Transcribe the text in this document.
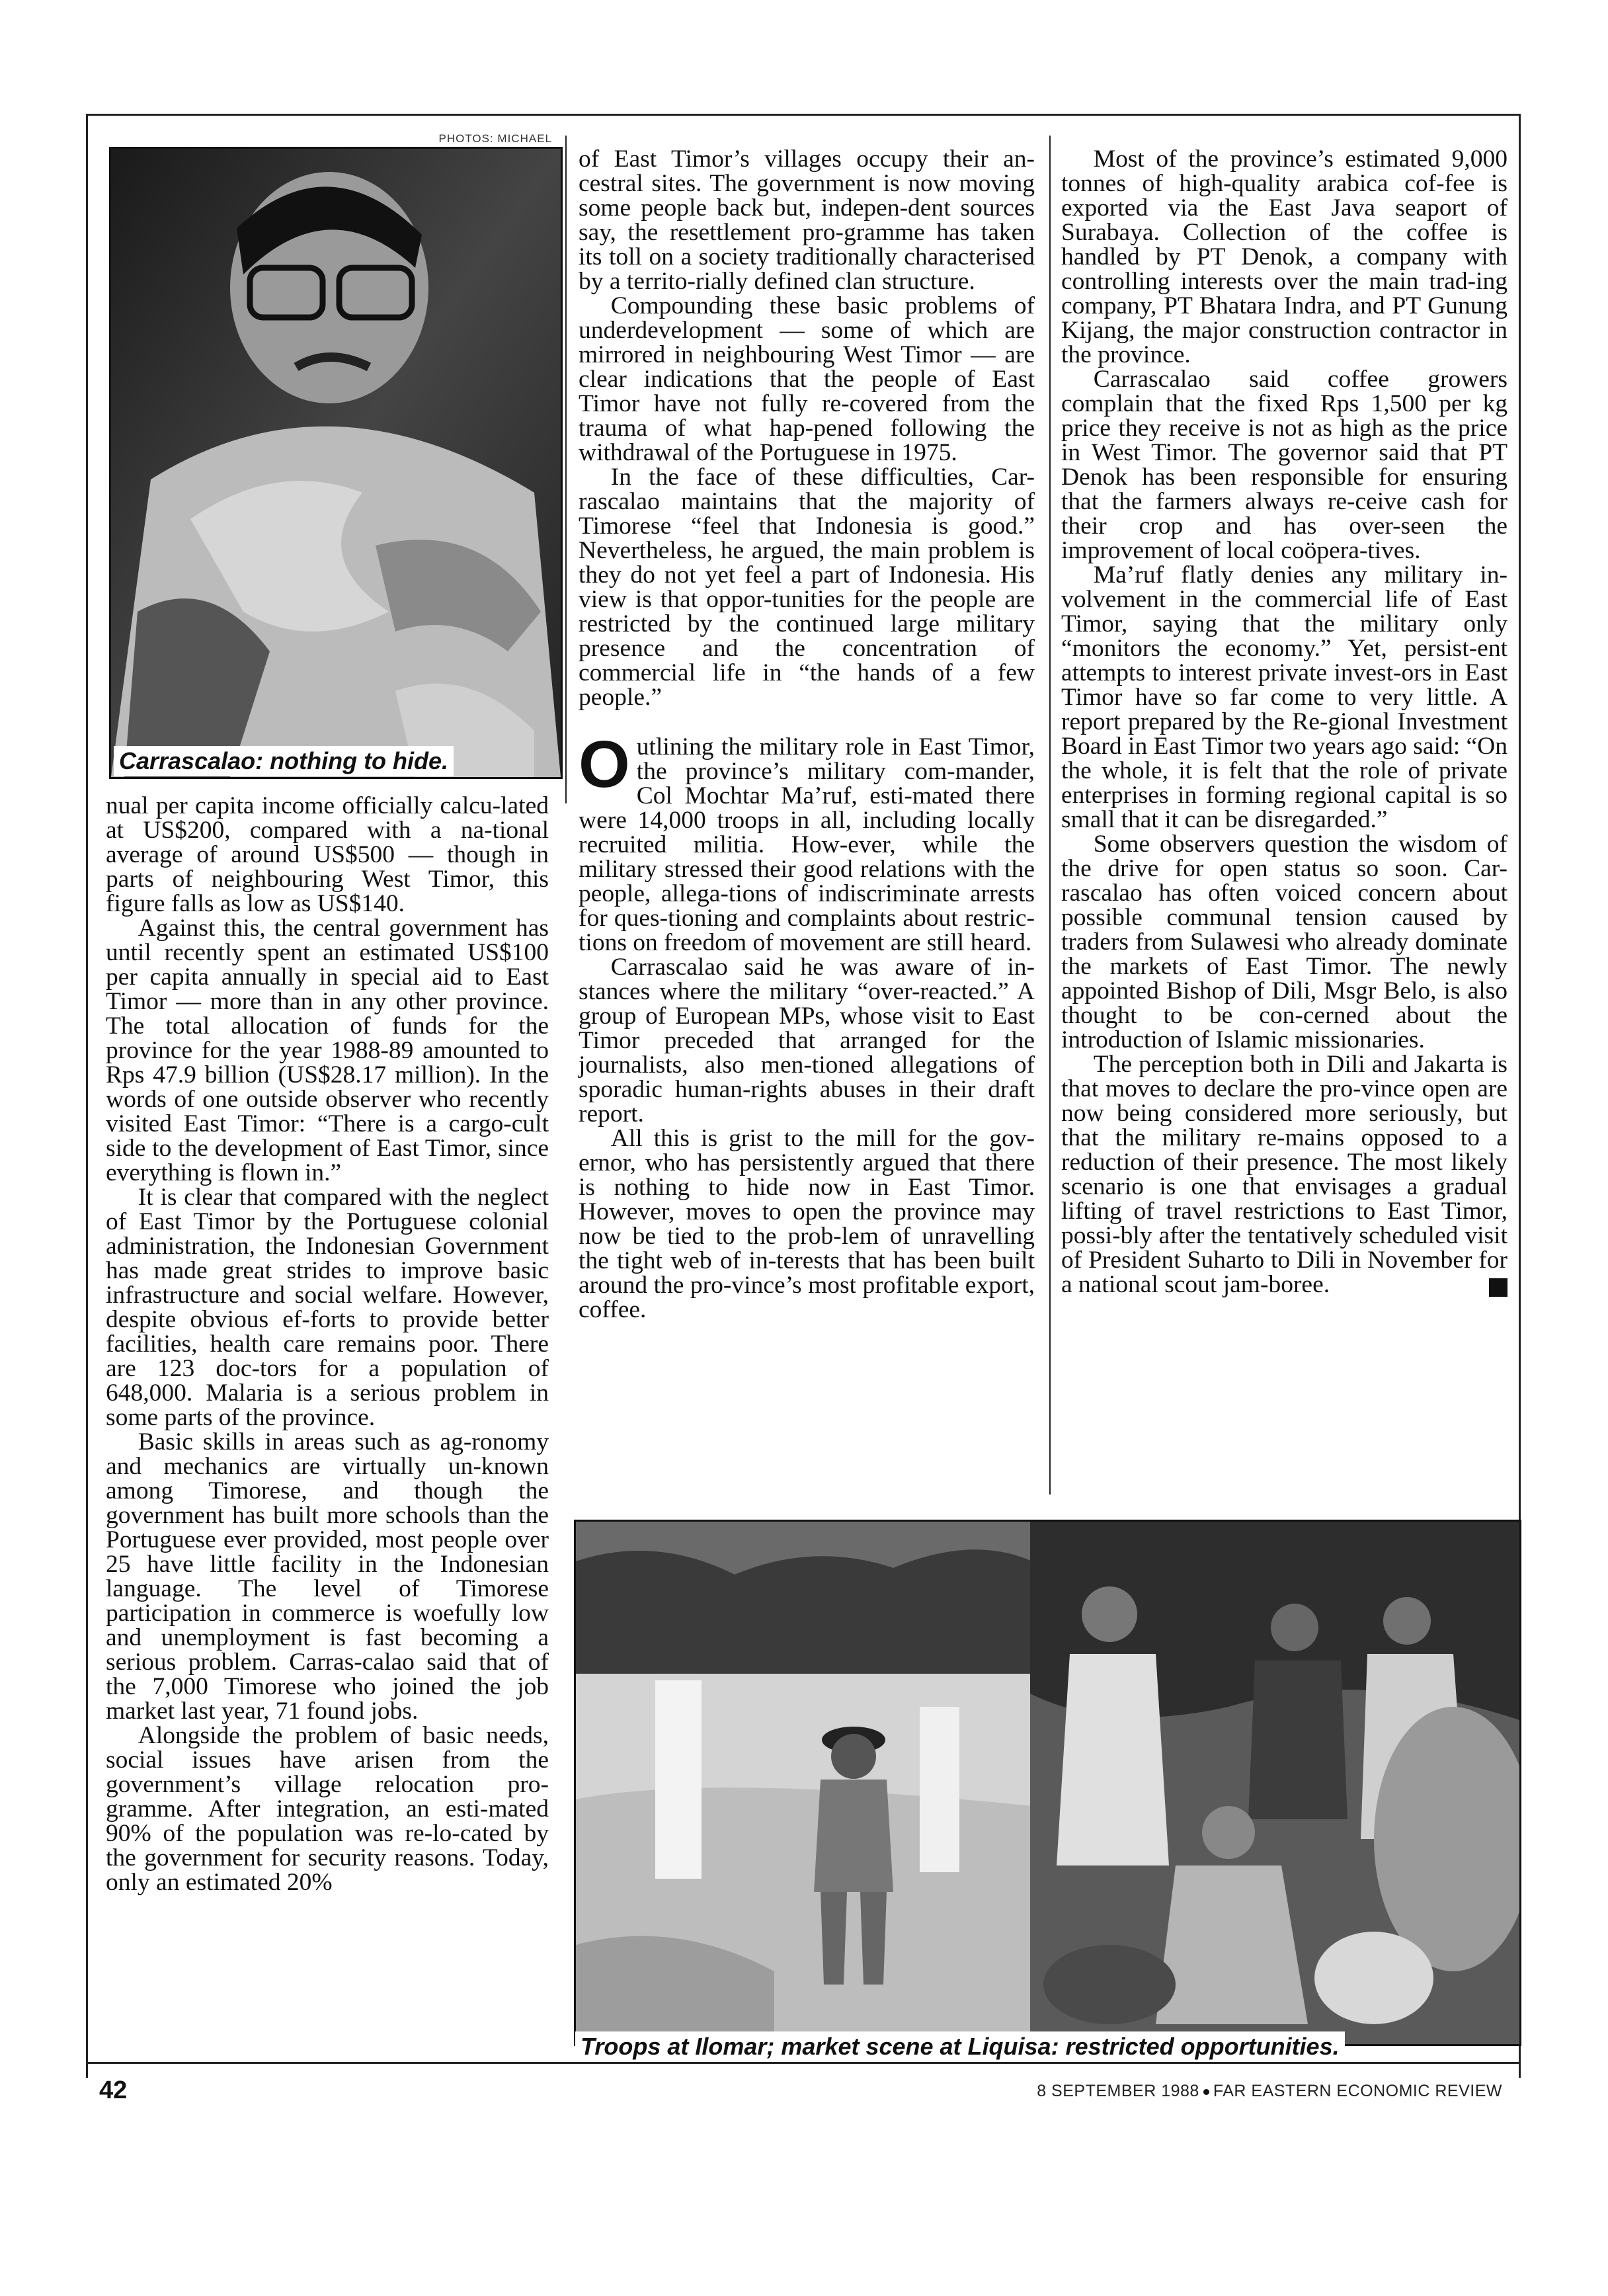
PHOTOS: MICHAEL
Carrascalao: nothing to hide.

nual per capita income officially calcu-lated at US$200, compared with a na-tional average of around US$500 — though in parts of neighbouring West Timor, this figure falls as low as US$140.

Against this, the central government has until recently spent an estimated US$100 per capita annually in special aid to East Timor — more than in any other province. The total allocation of funds for the province for the year 1988-89 amounted to Rps 47.9 billion (US$28.17 million). In the words of one outside observer who recently visited East Timor: “There is a cargo-cult side to the development of East Timor, since everything is flown in.”

It is clear that compared with the neglect of East Timor by the Portuguese colonial administration, the Indonesian Government has made great strides to improve basic infrastructure and social welfare. However, despite obvious ef-forts to provide better facilities, health care remains poor. There are 123 doc-tors for a population of 648,000. Malaria is a serious problem in some parts of the province.

Basic skills in areas such as ag-ronomy and mechanics are virtually un-known among Timorese, and though the government has built more schools than the Portuguese ever provided, most people over 25 have little facility in the Indonesian language. The level of Timorese participation in commerce is woefully low and unemployment is fast becoming a serious problem. Carras-calao said that of the 7,000 Timorese who joined the job market last year, 71 found jobs.

Alongside the problem of basic needs, social issues have arisen from the government’s village relocation pro-gramme. After integration, an esti-mated 90% of the population was re-lo-cated by the government for security reasons. Today, only an estimated 20%

of East Timor’s villages occupy their an-cestral sites. The government is now moving some people back but, indepen-dent sources say, the resettlement pro-gramme has taken its toll on a society traditionally characterised by a territo-rially defined clan structure.

Compounding these basic problems of underdevelopment — some of which are mirrored in neighbouring West Timor — are clear indications that the people of East Timor have not fully re-covered from the trauma of what hap-pened following the withdrawal of the Portuguese in 1975.

In the face of these difficulties, Car-rascalao maintains that the majority of Timorese “feel that Indonesia is good.” Nevertheless, he argued, the main problem is they do not yet feel a part of Indonesia. His view is that oppor-tunities for the people are restricted by the continued large military presence and the concentration of commercial life in “the hands of a few people.”

Outlining the military role in East Timor, the province’s military com-mander, Col Mochtar Ma’ruf, esti-mated there were 14,000 troops in all, including locally recruited militia. How-ever, while the military stressed their good relations with the people, allega-tions of indiscriminate arrests for ques-tioning and complaints about restric-tions on freedom of movement are still heard.

Carrascalao said he was aware of in-stances where the military “over-reacted.” A group of European MPs, whose visit to East Timor preceded that arranged for the journalists, also men-tioned allegations of sporadic human-rights abuses in their draft report.

All this is grist to the mill for the gov-ernor, who has persistently argued that there is nothing to hide now in East Timor. However, moves to open the province may now be tied to the prob-lem of unravelling the tight web of in-terests that has been built around the pro-vince’s most profitable export, coffee.

Most of the province’s estimated 9,000 tonnes of high-quality arabica cof-fee is exported via the East Java seaport of Surabaya. Collection of the coffee is handled by PT Denok, a company with controlling interests over the main trad-ing company, PT Bhatara Indra, and PT Gunung Kijang, the major construction contractor in the province.

Carrascalao said coffee growers complain that the fixed Rps 1,500 per kg price they receive is not as high as the price in West Timor. The governor said that PT Denok has been responsible for ensuring that the farmers always re-ceive cash for their crop and has over-seen the improvement of local coöpera-tives.

Ma’ruf flatly denies any military in-volvement in the commercial life of East Timor, saying that the military only “monitors the economy.” Yet, persist-ent attempts to interest private invest-ors in East Timor have so far come to very little. A report prepared by the Re-gional Investment Board in East Timor two years ago said: “On the whole, it is felt that the role of private enterprises in forming regional capital is so small that it can be disregarded.”

Some observers question the wisdom of the drive for open status so soon. Car-rascalao has often voiced concern about possible communal tension caused by traders from Sulawesi who already dominate the markets of East Timor. The newly appointed Bishop of Dili, Msgr Belo, is also thought to be con-cerned about the introduction of Islamic missionaries.

The perception both in Dili and Jakarta is that moves to declare the pro-vince open are now being considered more seriously, but that the military re-mains opposed to a reduction of their presence. The most likely scenario is one that envisages a gradual lifting of travel restrictions to East Timor, possi-bly after the tentatively scheduled visit of President Suharto to Dili in November for a national scout jam-boree.	E

Troops at Ilomar; market scene at Liquisa: restricted opportunities.
42	8 SEPTEMBER 1988 FAR EASTERN ECONOMIC REVIEW
